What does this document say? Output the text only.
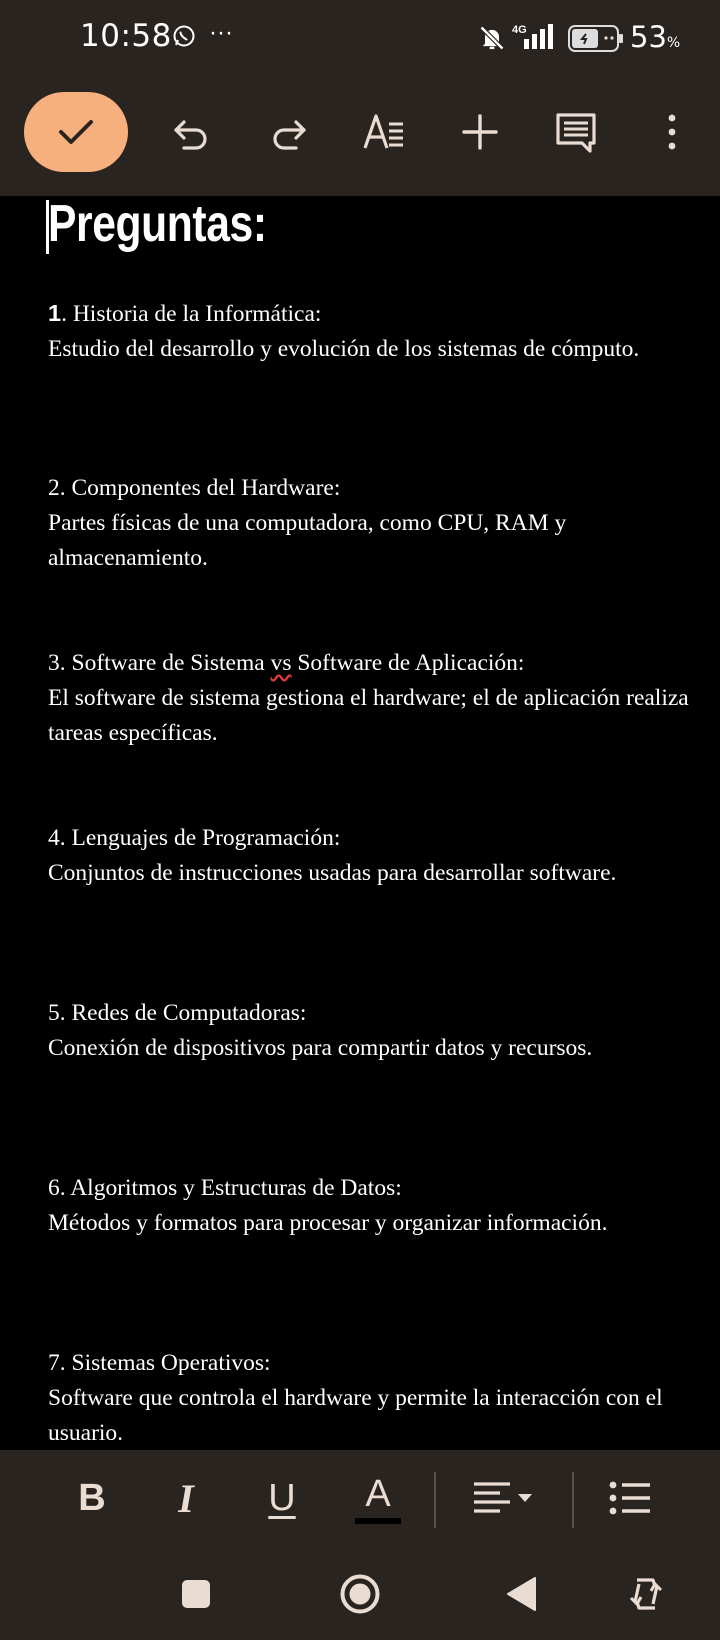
10:58 ···	4G	53%
Preguntas:

1. Historia de la Informática:

Estudio del desarrollo y evolución de los sistemas de cómputo.

2. Componentes del Hardware:

Partes físicas de una computadora, como CPU, RAM y almacenamiento.

3. Software de Sistema vs Software de Aplicación:

El software de sistema gestiona el hardware; el de aplicación realiza tareas específicas.

4. Lenguajes de Programación:

Conjuntos de instrucciones usadas para desarrollar software.

5. Redes de Computadoras:

Conexión de dispositivos para compartir datos y recursos.

6. Algoritmos y Estructuras de Datos:

Métodos y formatos para procesar y organizar información.

7. Sistemas Operativos:

Software que controla el hardware y permite la interacción con el usuario.

B	I	U A
